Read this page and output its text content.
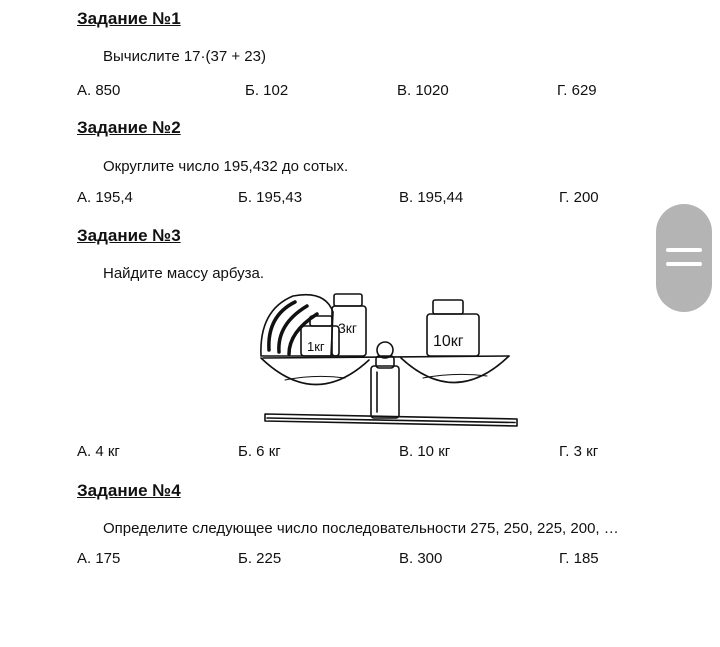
Задание №1

Вычислите 17·(37 + 23)

А. 850	Б. 102	В. 1020	Г. 629
Задание №2

Округлите число 195,432 до сотых.

А. 195,4	Б. 195,43	В. 195,44	Г. 200
Задание №3

Найдите массу арбуза.

1кг
3кг
10кг
А. 4 кг	Б. 6 кг	В. 10 кг	Г. 3 кг
Задание №4

Определите следующее число последовательности 275, 250, 225, 200, …

А. 175	Б. 225	В. 300	Г. 185
